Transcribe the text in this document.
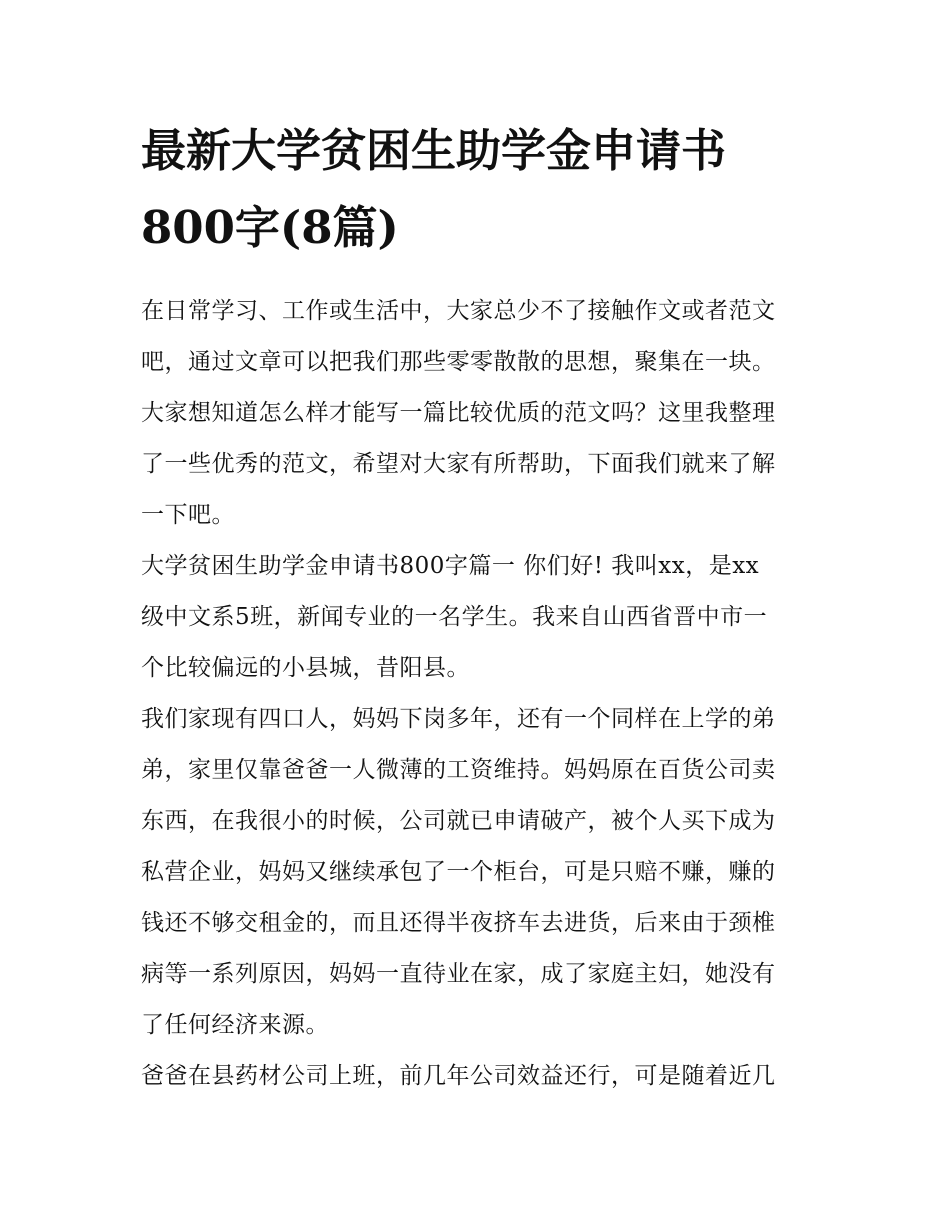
最新大学贫困生助学金申请书
800字(8篇)

在日常学习、工作或生活中，大家总少不了接触作文或者范文
吧，通过文章可以把我们那些零零散散的思想，聚集在一块。
大家想知道怎么样才能写一篇比较优质的范文吗？这里我整理
了一些优秀的范文，希望对大家有所帮助，下面我们就来了解
一下吧。

大学贫困生助学金申请书800字篇一 你们好! 我叫xx，是xx
级中文系5班，新闻专业的一名学生。我来自山西省晋中市一
个比较偏远的小县城，昔阳县。

我们家现有四口人，妈妈下岗多年，还有一个同样在上学的弟
弟，家里仅靠爸爸一人微薄的工资维持。妈妈原在百货公司卖
东西，在我很小的时候，公司就已申请破产，被个人买下成为
私营企业，妈妈又继续承包了一个柜台，可是只赔不赚，赚的
钱还不够交租金的，而且还得半夜挤车去进货，后来由于颈椎
病等一系列原因，妈妈一直待业在家，成了家庭主妇，她没有
了任何经济来源。

爸爸在县药材公司上班，前几年公司效益还行，可是随着近几
